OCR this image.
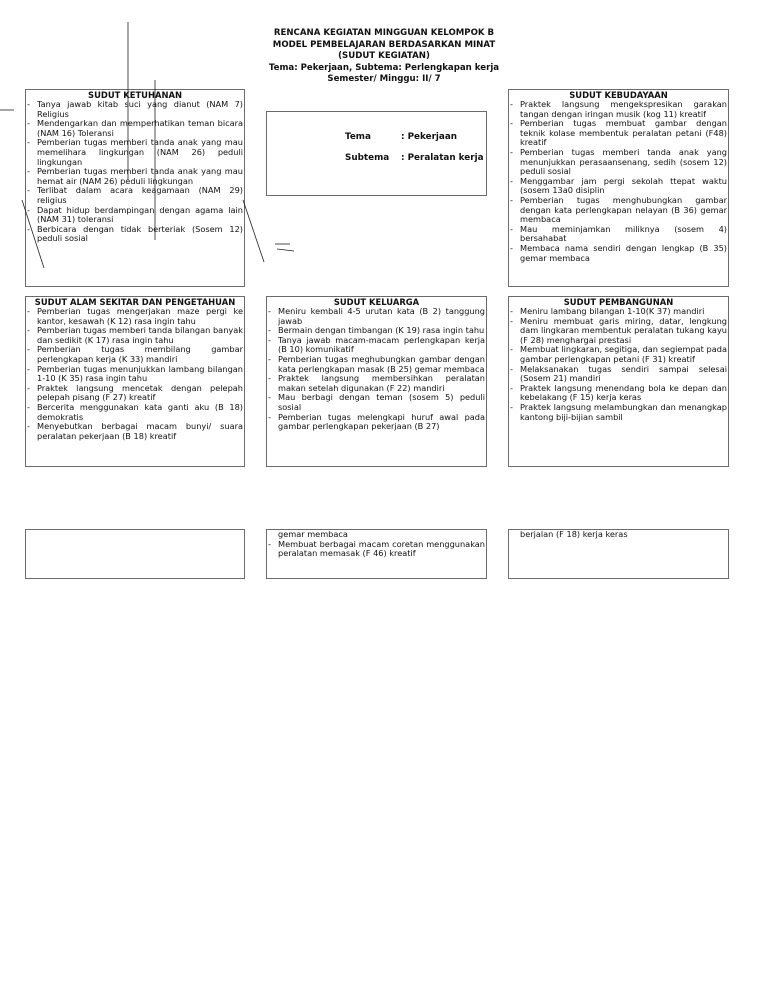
RENCANA KEGIATAN MINGGUAN KELOMPOK B
MODEL PEMBELAJARAN BERDASARKAN MINAT
(SUDUT KEGIATAN)
Tema: Pekerjaan, Subtema: Perlengkapan kerja
Semester/ Minggu: II/ 7
SUDUT KETUHANAN
- Tanya jawab kitab suci yang dianut (NAM 7) Religius
- Mendengarkan dan memperhatikan teman bicara (NAM 16) Toleransi
- Pemberian tugas memberi tanda anak yang mau memelihara lingkungan (NAM 26) peduli lingkungan
- Pemberian tugas memberi tanda anak yang mau hemat air (NAM 26) peduli lingkungan
- Terlibat dalam acara keagamaan (NAM 29) religius
- Dapat hidup berdampingan dengan agama lain (NAM 31) toleransi
- Berbicara dengan tidak berteriak (Sosem 12) peduli sosial
Tema	: Pekerjaan
Subtema : Peralatan kerja
SUDUT KEBUDAYAAN
- Praktek langsung mengekspresikan garakan tangan dengan iringan musik (kog 11) kreatif
- Pemberian tugas membuat gambar dengan teknik kolase membentuk peralatan petani (F48) kreatif
- Pemberian tugas memberi tanda anak yang menunjukkan perasaansenang, sedih (sosem 12) peduli sosial
- Menggambar jam pergi sekolah ttepat waktu (sosem 13a0 disiplin
- Pemberian tugas menghubungkan gambar dengan kata perlengkapan nelayan (B 36) gemar membaca
- Mau meminjamkan miliknya (sosem 4) bersahabat
- Membaca nama sendiri dengan lengkap (B 35) gemar membaca
SUDUT ALAM SEKITAR DAN PENGETAHUAN
- Pemberian tugas mengerjakan maze pergi ke kantor, kesawah (K 12) rasa ingin tahu
- Pemberian tugas memberi tanda bilangan banyak dan sedikit (K 17) rasa ingin tahu
- Pemberian tugas membilang gambar perlengkapan kerja (K 33) mandiri
- Pemberian tugas menunjukkan lambang bilangan 1-10 (K 35) rasa ingin tahu
- Praktek langsung mencetak dengan pelepah pelepah pisang (F 27) kreatif
- Bercerita menggunakan kata ganti aku (B 18) demokratis
- Menyebutkan berbagai macam bunyi/ suara peralatan pekerjaan (B 18) kreatif
SUDUT KELUARGA
- Meniru kembali 4-5 urutan kata (B 2) tanggung jawab
- Bermain dengan timbangan (K 19) rasa ingin tahu
- Tanya jawab macam-macam perlengkapan kerja (B 10) komunikatif
- Pemberian tugas meghubungkan gambar dengan kata perlengkapan masak (B 25) gemar membaca
- Praktek langsung membersihkan peralatan makan setelah digunakan (F 22) mandiri
- Mau berbagi dengan teman (sosem 5) peduli sosial
- Pemberian tugas melengkapi huruf awal pada gambar perlengkapan pekerjaan (B 27)
SUDUT PEMBANGUNAN
- Meniru lambang bilangan 1-10(K 37) mandiri
- Meniru membuat garis miring, datar, lengkung dam lingkaran membentuk peralatan tukang kayu (F 28) menghargai prestasi
- Membuat lingkaran, segitiga, dan segiempat pada gambar perlengkapan petani (F 31) kreatif
- Melaksanakan tugas sendiri sampai selesai (Sosem 21) mandiri
- Praktek langsung menendang bola ke depan dan kebelakang (F 15) kerja keras
- Praktek langsung melambungkan dan menangkap kantong biji-bijian sambil
gemar membaca
- Membuat berbagai macam coretan menggunakan peralatan memasak (F 46) kreatif
berjalan (F 18) kerja keras
